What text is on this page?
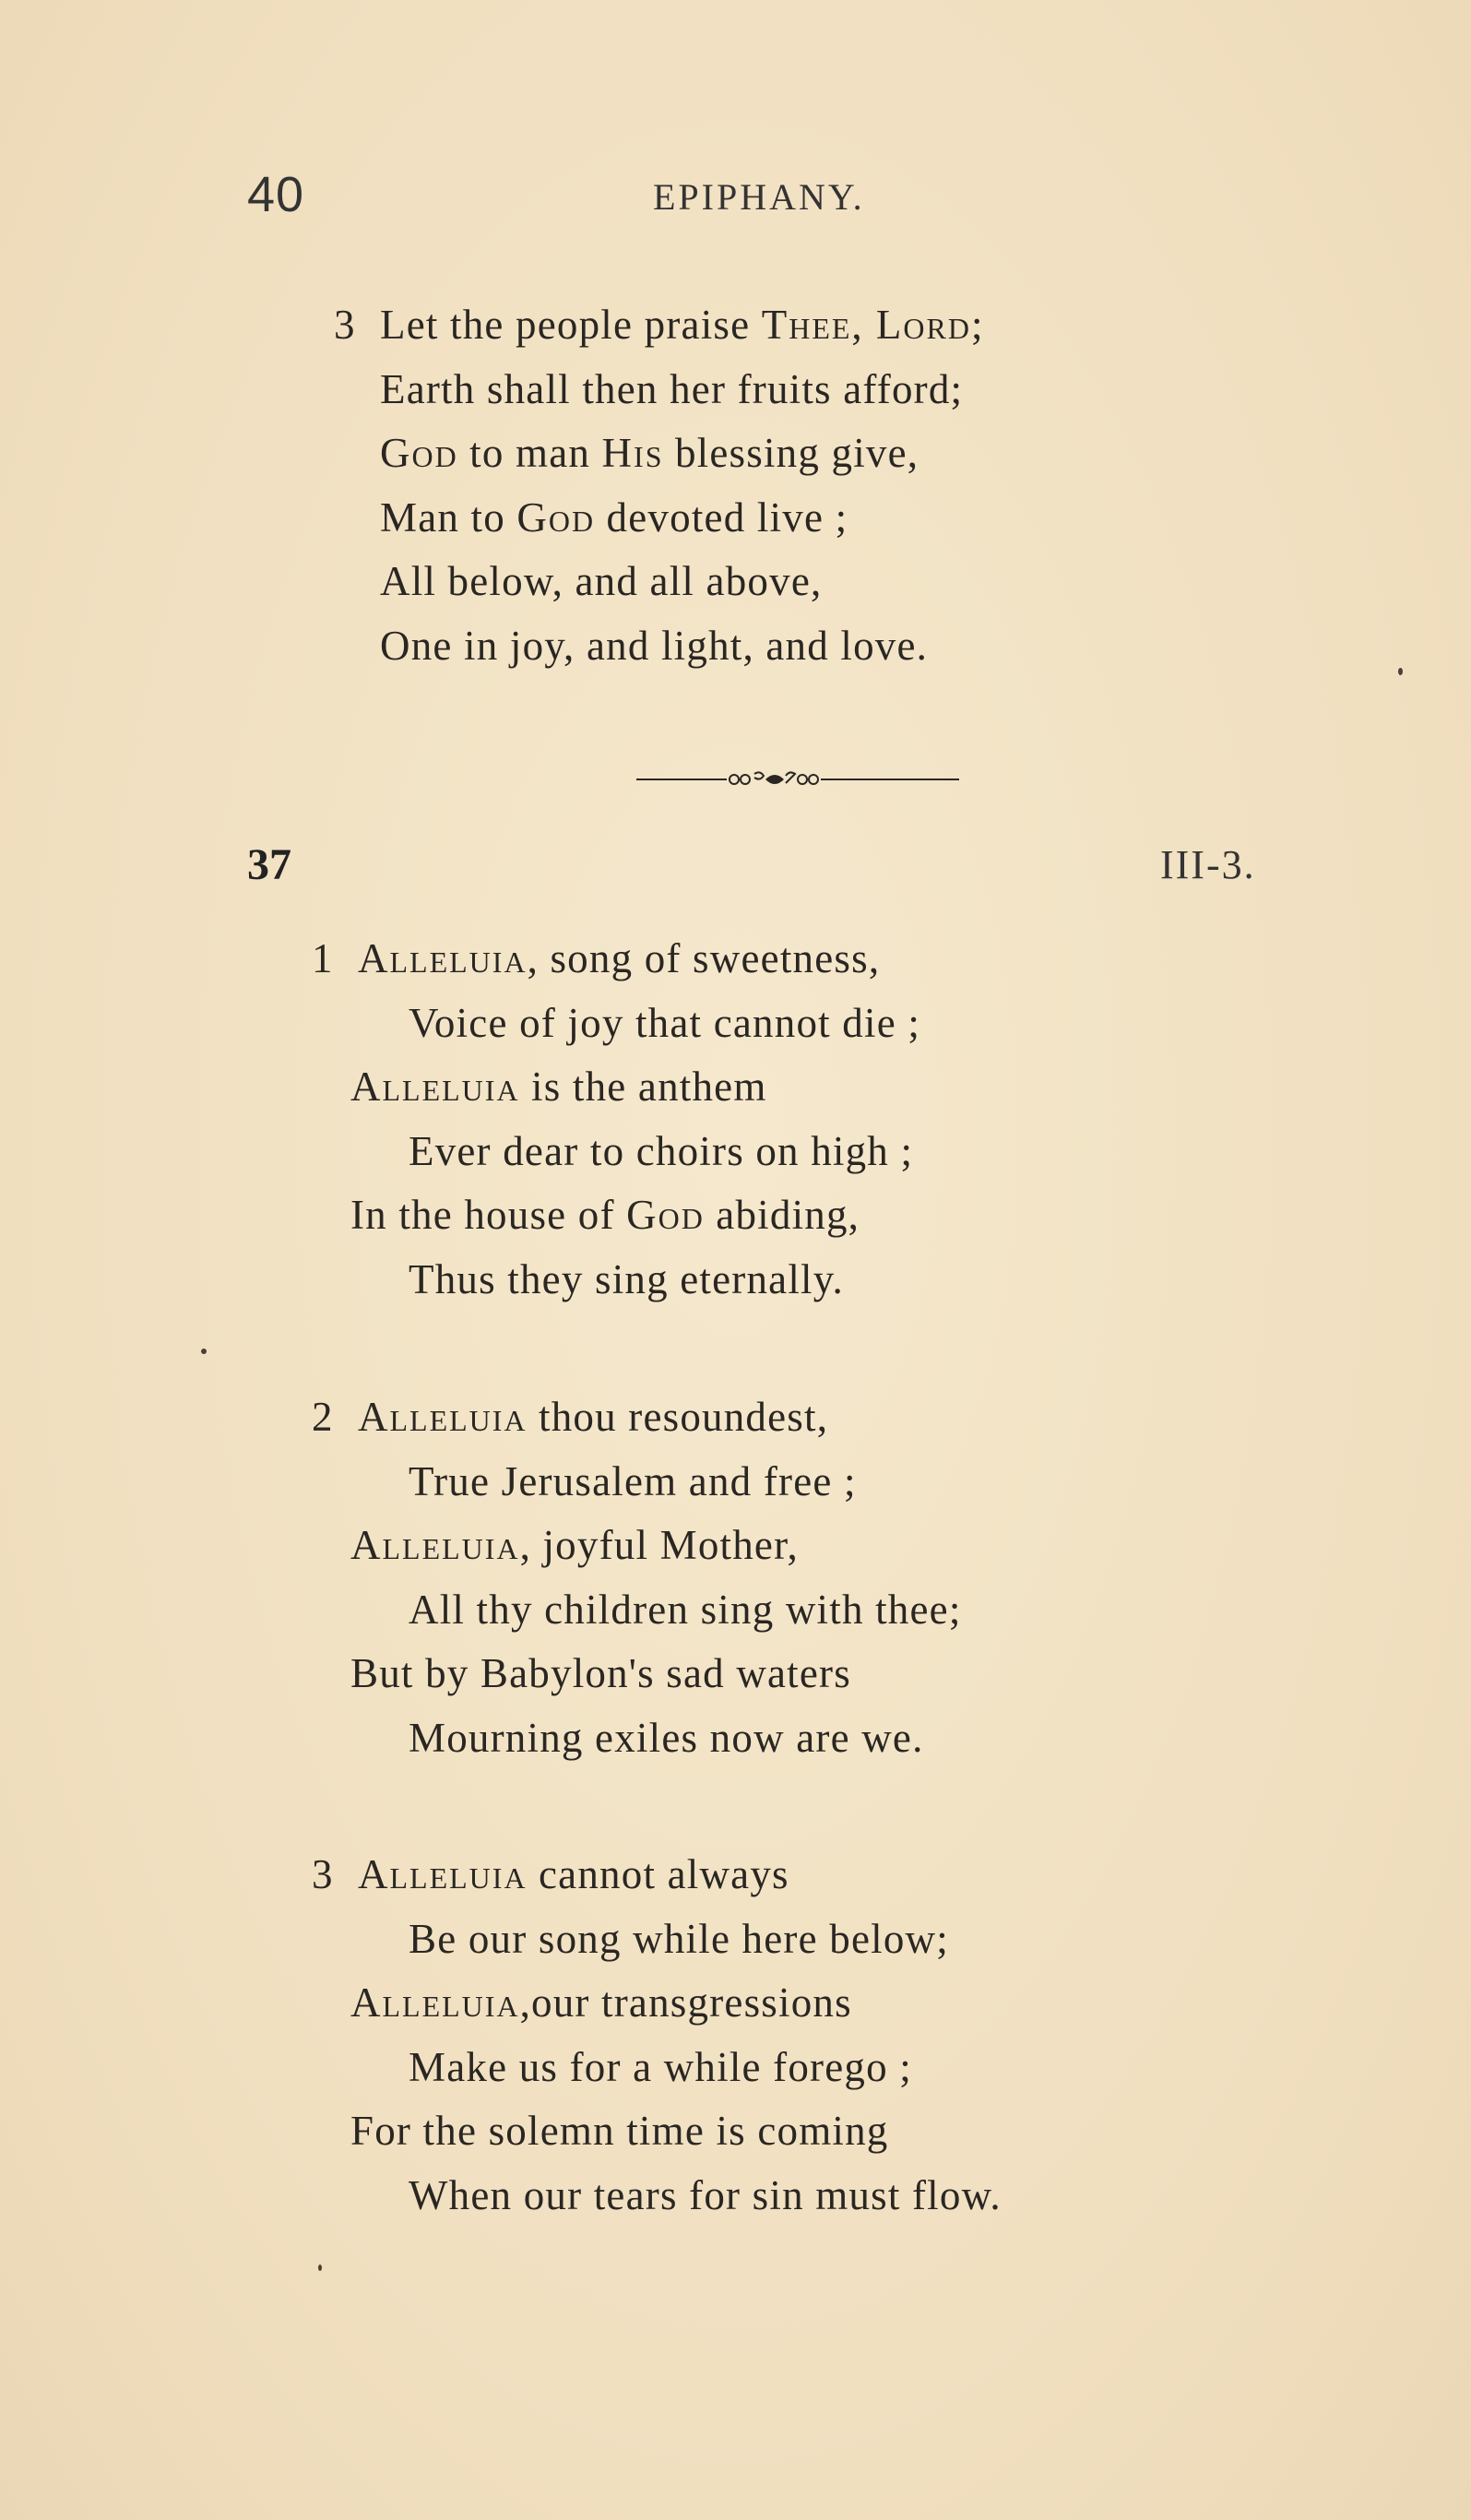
40	EPIPHANY.
3 Let the people praise Thee, Lord;
Earth shall then her fruits afford;
God to man His blessing give,
Man to God devoted live ;
All below, and all above,
One in joy, and light, and love.
37	III-3.
1 Alleluia, song of sweetness,
Voice of joy that cannot die ;
Alleluia is the anthem
Ever dear to choirs on high ;
In the house of God abiding,
Thus they sing eternally.
2 Alleluia thou resoundest,
True Jerusalem and free ;
Alleluia, joyful Mother,
All thy children sing with thee;
But by Babylon's sad waters
Mourning exiles now are we.
3 Alleluia cannot always
Be our song while here below;
Alleluia,our transgressions
Make us for a while forego ;
For the solemn time is coming
When our tears for sin must flow.
